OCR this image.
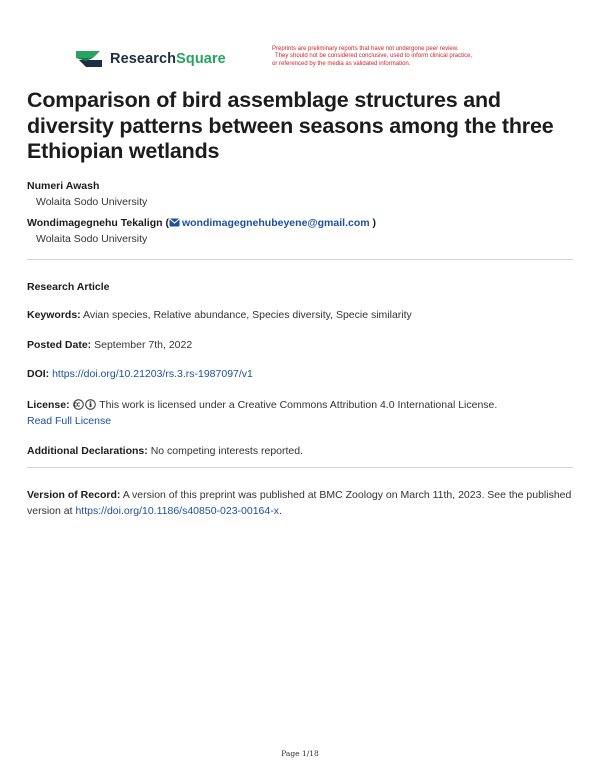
ResearchSquare
Preprints are preliminary reports that have not undergone peer review.
They should not be considered conclusive, used to inform clinical practice,
or referenced by the media as validated information.
Comparison of bird assemblage structures and diversity patterns between seasons among the three Ethiopian wetlands
Numeri Awash
Wolaita Sodo University
Wondimagegnehu Tekalign ( wondimagegnehubeyene@gmail.com )
Wolaita Sodo University
Research Article
Keywords: Avian species, Relative abundance, Species diversity, Specie similarity
Posted Date: September 7th, 2022
DOI: https://doi.org/10.21203/rs.3.rs-1987097/v1
License:	This work is licensed under a Creative Commons Attribution 4.0 International License.
Read Full License
Additional Declarations: No competing interests reported.
Version of Record: A version of this preprint was published at BMC Zoology on March 11th, 2023. See the published version at https://doi.org/10.1186/s40850-023-00164-x.
Page 1/18
